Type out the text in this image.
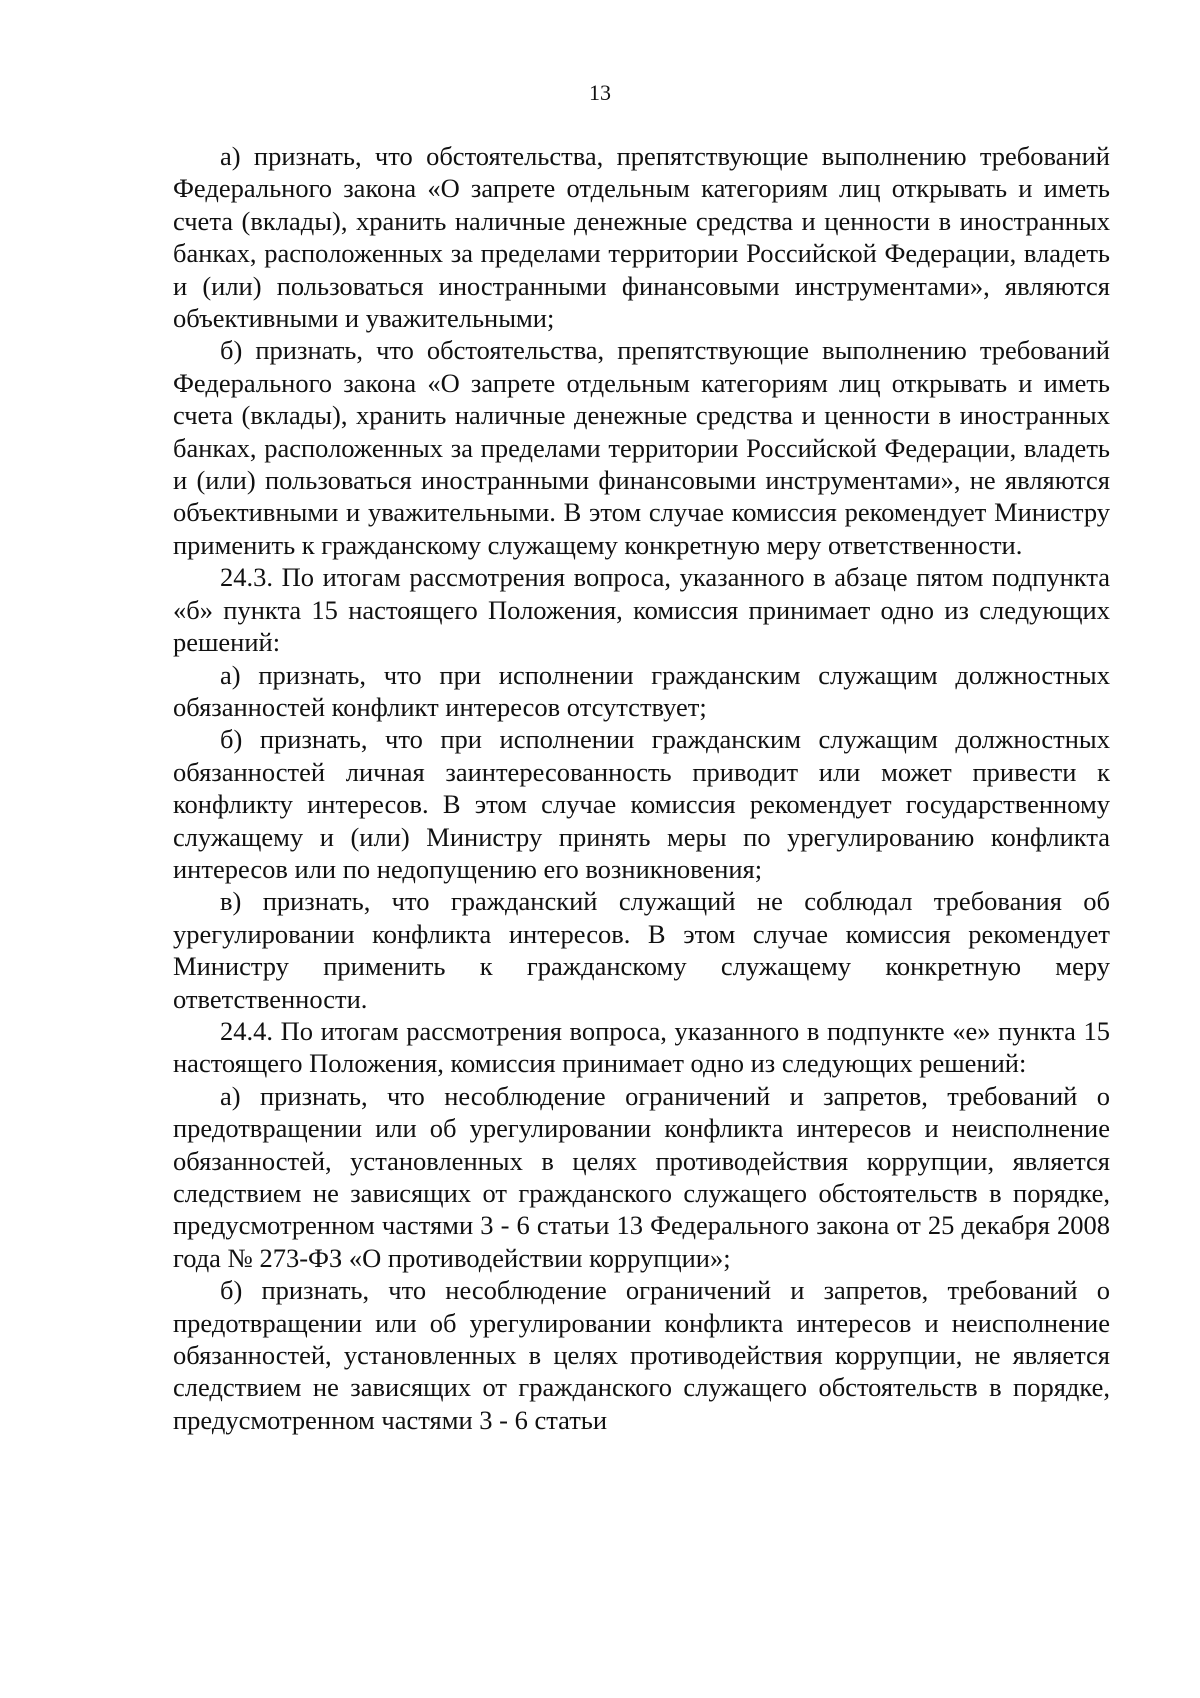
13

а) признать, что обстоятельства, препятствующие выполнению требований Федерального закона «О запрете отдельным категориям лиц открывать и иметь счета (вклады), хранить наличные денежные средства и ценности в иностранных банках, расположенных за пределами территории Российской Федерации, владеть и (или) пользоваться иностранными финансовыми инструментами», являются объективными и уважительными;

б) признать, что обстоятельства, препятствующие выполнению требований Федерального закона «О запрете отдельным категориям лиц открывать и иметь счета (вклады), хранить наличные денежные средства и ценности в иностранных банках, расположенных за пределами территории Российской Федерации, владеть и (или) пользоваться иностранными финансовыми инструментами», не являются объективными и уважительными. В этом случае комиссия рекомендует Министру применить к гражданскому служащему конкретную меру ответственности.

24.3. По итогам рассмотрения вопроса, указанного в абзаце пятом подпункта «б» пункта 15 настоящего Положения, комиссия принимает одно из следующих решений:

а) признать, что при исполнении гражданским служащим должностных обязанностей конфликт интересов отсутствует;

б) признать, что при исполнении гражданским служащим должностных обязанностей личная заинтересованность приводит или может привести к конфликту интересов. В этом случае комиссия рекомендует государственному служащему и (или) Министру принять меры по урегулированию конфликта интересов или по недопущению его возникновения;

в) признать, что гражданский служащий не соблюдал требования об урегулировании конфликта интересов. В этом случае комиссия рекомендует Министру применить к гражданскому служащему конкретную меру ответственности.

24.4. По итогам рассмотрения вопроса, указанного в подпункте «е» пункта 15 настоящего Положения, комиссия принимает одно из следующих решений:

а) признать, что несоблюдение ограничений и запретов, требований о предотвращении или об урегулировании конфликта интересов и неисполнение обязанностей, установленных в целях противодействия коррупции, является следствием не зависящих от гражданского служащего обстоятельств в порядке, предусмотренном частями 3 - 6 статьи 13 Федерального закона от 25 декабря 2008 года № 273-ФЗ «О противодействии коррупции»;

б) признать, что несоблюдение ограничений и запретов, требований о предотвращении или об урегулировании конфликта интересов и неисполнение обязанностей, установленных в целях противодействия коррупции, не является следствием не зависящих от гражданского служащего обстоятельств в порядке, предусмотренном частями 3 - 6 статьи
